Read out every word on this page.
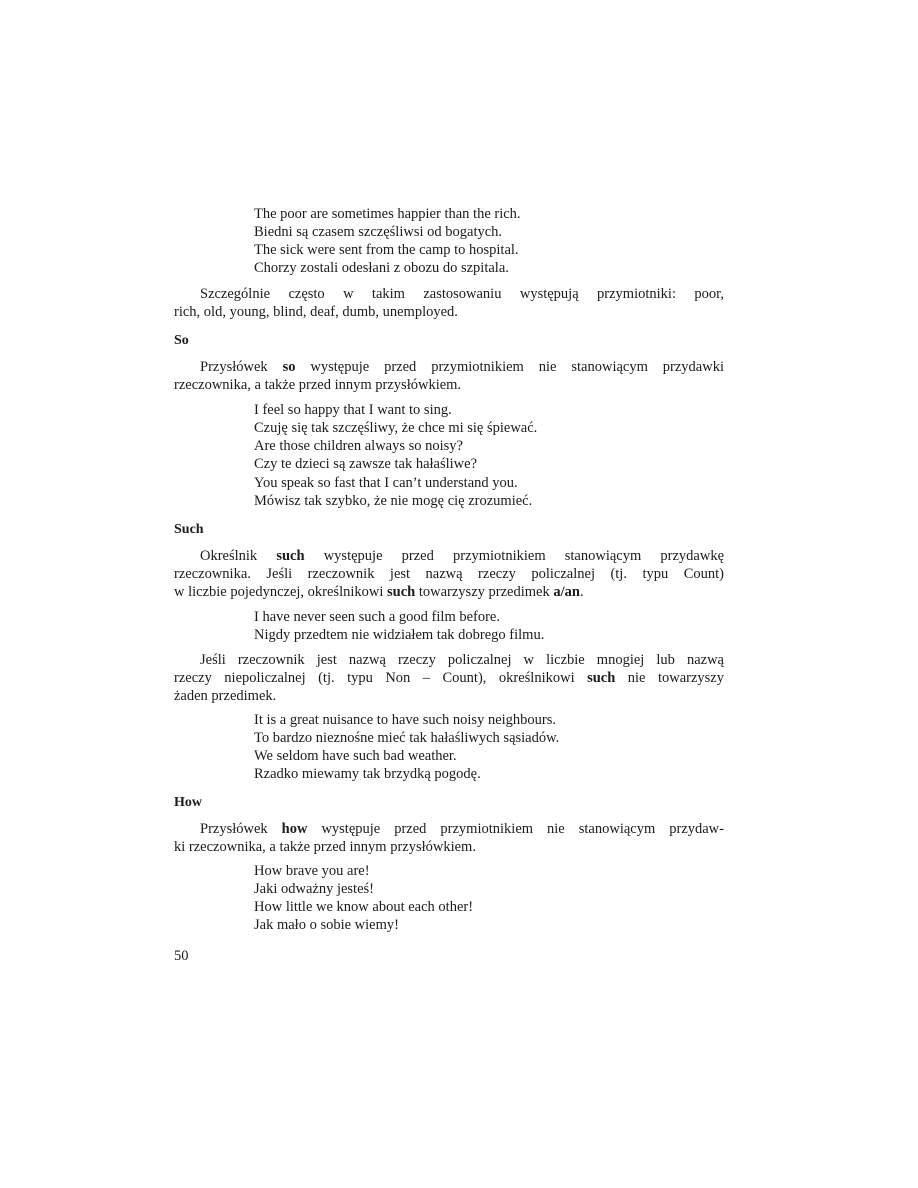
The poor are sometimes happier than the rich.
Biedni są czasem szczęśliwsi od bogatych.
The sick were sent from the camp to hospital.
Chorzy zostali odesłani z obozu do szpitala.
Szczególnie często w takim zastosowaniu występują przymiotniki: poor,
rich, old, young, blind, deaf, dumb, unemployed.
So
Przysłówek so występuje przed przymiotnikiem nie stanowiącym przydawki
rzeczownika, a także przed innym przysłówkiem.
I feel so happy that I want to sing.
Czuję się tak szczęśliwy, że chce mi się śpiewać.
Are those children always so noisy?
Czy te dzieci są zawsze tak hałaśliwe?
You speak so fast that I can’t understand you.
Mówisz tak szybko, że nie mogę cię zrozumieć.
Such
Określnik such występuje przed przymiotnikiem stanowiącym przydawkę
rzeczownika. Jeśli rzeczownik jest nazwą rzeczy policzalnej (tj. typu Count)
w liczbie pojedynczej, określnikowi such towarzyszy przedimek a/an.
I have never seen such a good film before.
Nigdy przedtem nie widziałem tak dobrego filmu.
Jeśli rzeczownik jest nazwą rzeczy policzalnej w liczbie mnogiej lub nazwą
rzeczy niepoliczalnej (tj. typu Non – Count), określnikowi such nie towarzyszy
żaden przedimek.
It is a great nuisance to have such noisy neighbours.
To bardzo nieznośne mieć tak hałaśliwych sąsiadów.
We seldom have such bad weather.
Rzadko miewamy tak brzydką pogodę.
How
Przysłówek how występuje przed przymiotnikiem nie stanowiącym przydaw-
ki rzeczownika, a także przed innym przysłówkiem.
How brave you are!
Jaki odważny jesteś!
How little we know about each other!
Jak mało o sobie wiemy!
50
